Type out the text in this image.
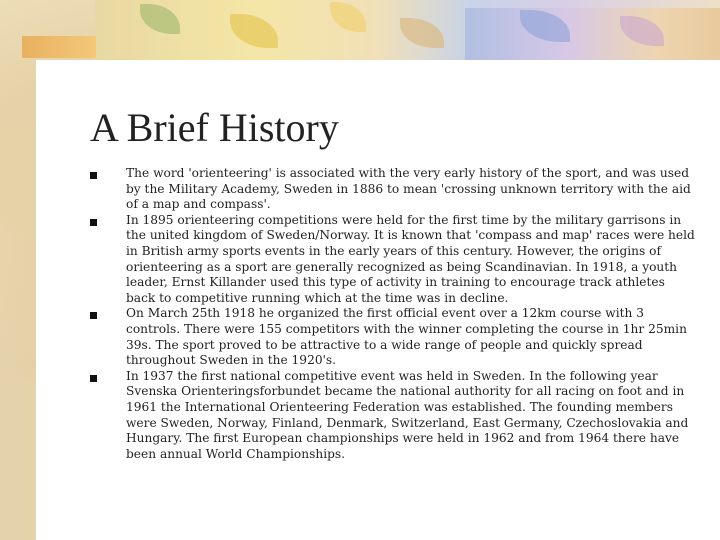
A Brief History
The word 'orienteering' is associated with the very early history of the sport, and was used by the Military Academy, Sweden in 1886 to mean 'crossing unknown territory with the aid of a map and compass'.
In 1895 orienteering competitions were held for the first time by the military garrisons in the united kingdom of Sweden/Norway. It is known that 'compass and map' races were held in British army sports events in the early years of this century. However, the origins of orienteering as a sport are generally recognized as being Scandinavian. In 1918, a youth leader, Ernst Killander used this type of activity in training to encourage track athletes back to competitive running which at the time was in decline.
On March 25th 1918 he organized the first official event over a 12km course with 3 controls. There were 155 competitors with the winner completing the course in 1hr 25min 39s. The sport proved to be attractive to a wide range of people and quickly spread throughout Sweden in the 1920's.
In 1937 the first national competitive event was held in Sweden. In the following year Svenska Orienteringsforbundet became the national authority for all racing on foot and in 1961 the International Orienteering Federation was established. The founding members were Sweden, Norway, Finland, Denmark, Switzerland, East Germany, Czechoslovakia and Hungary. The first European championships were held in 1962 and from 1964 there have been annual World Championships.
